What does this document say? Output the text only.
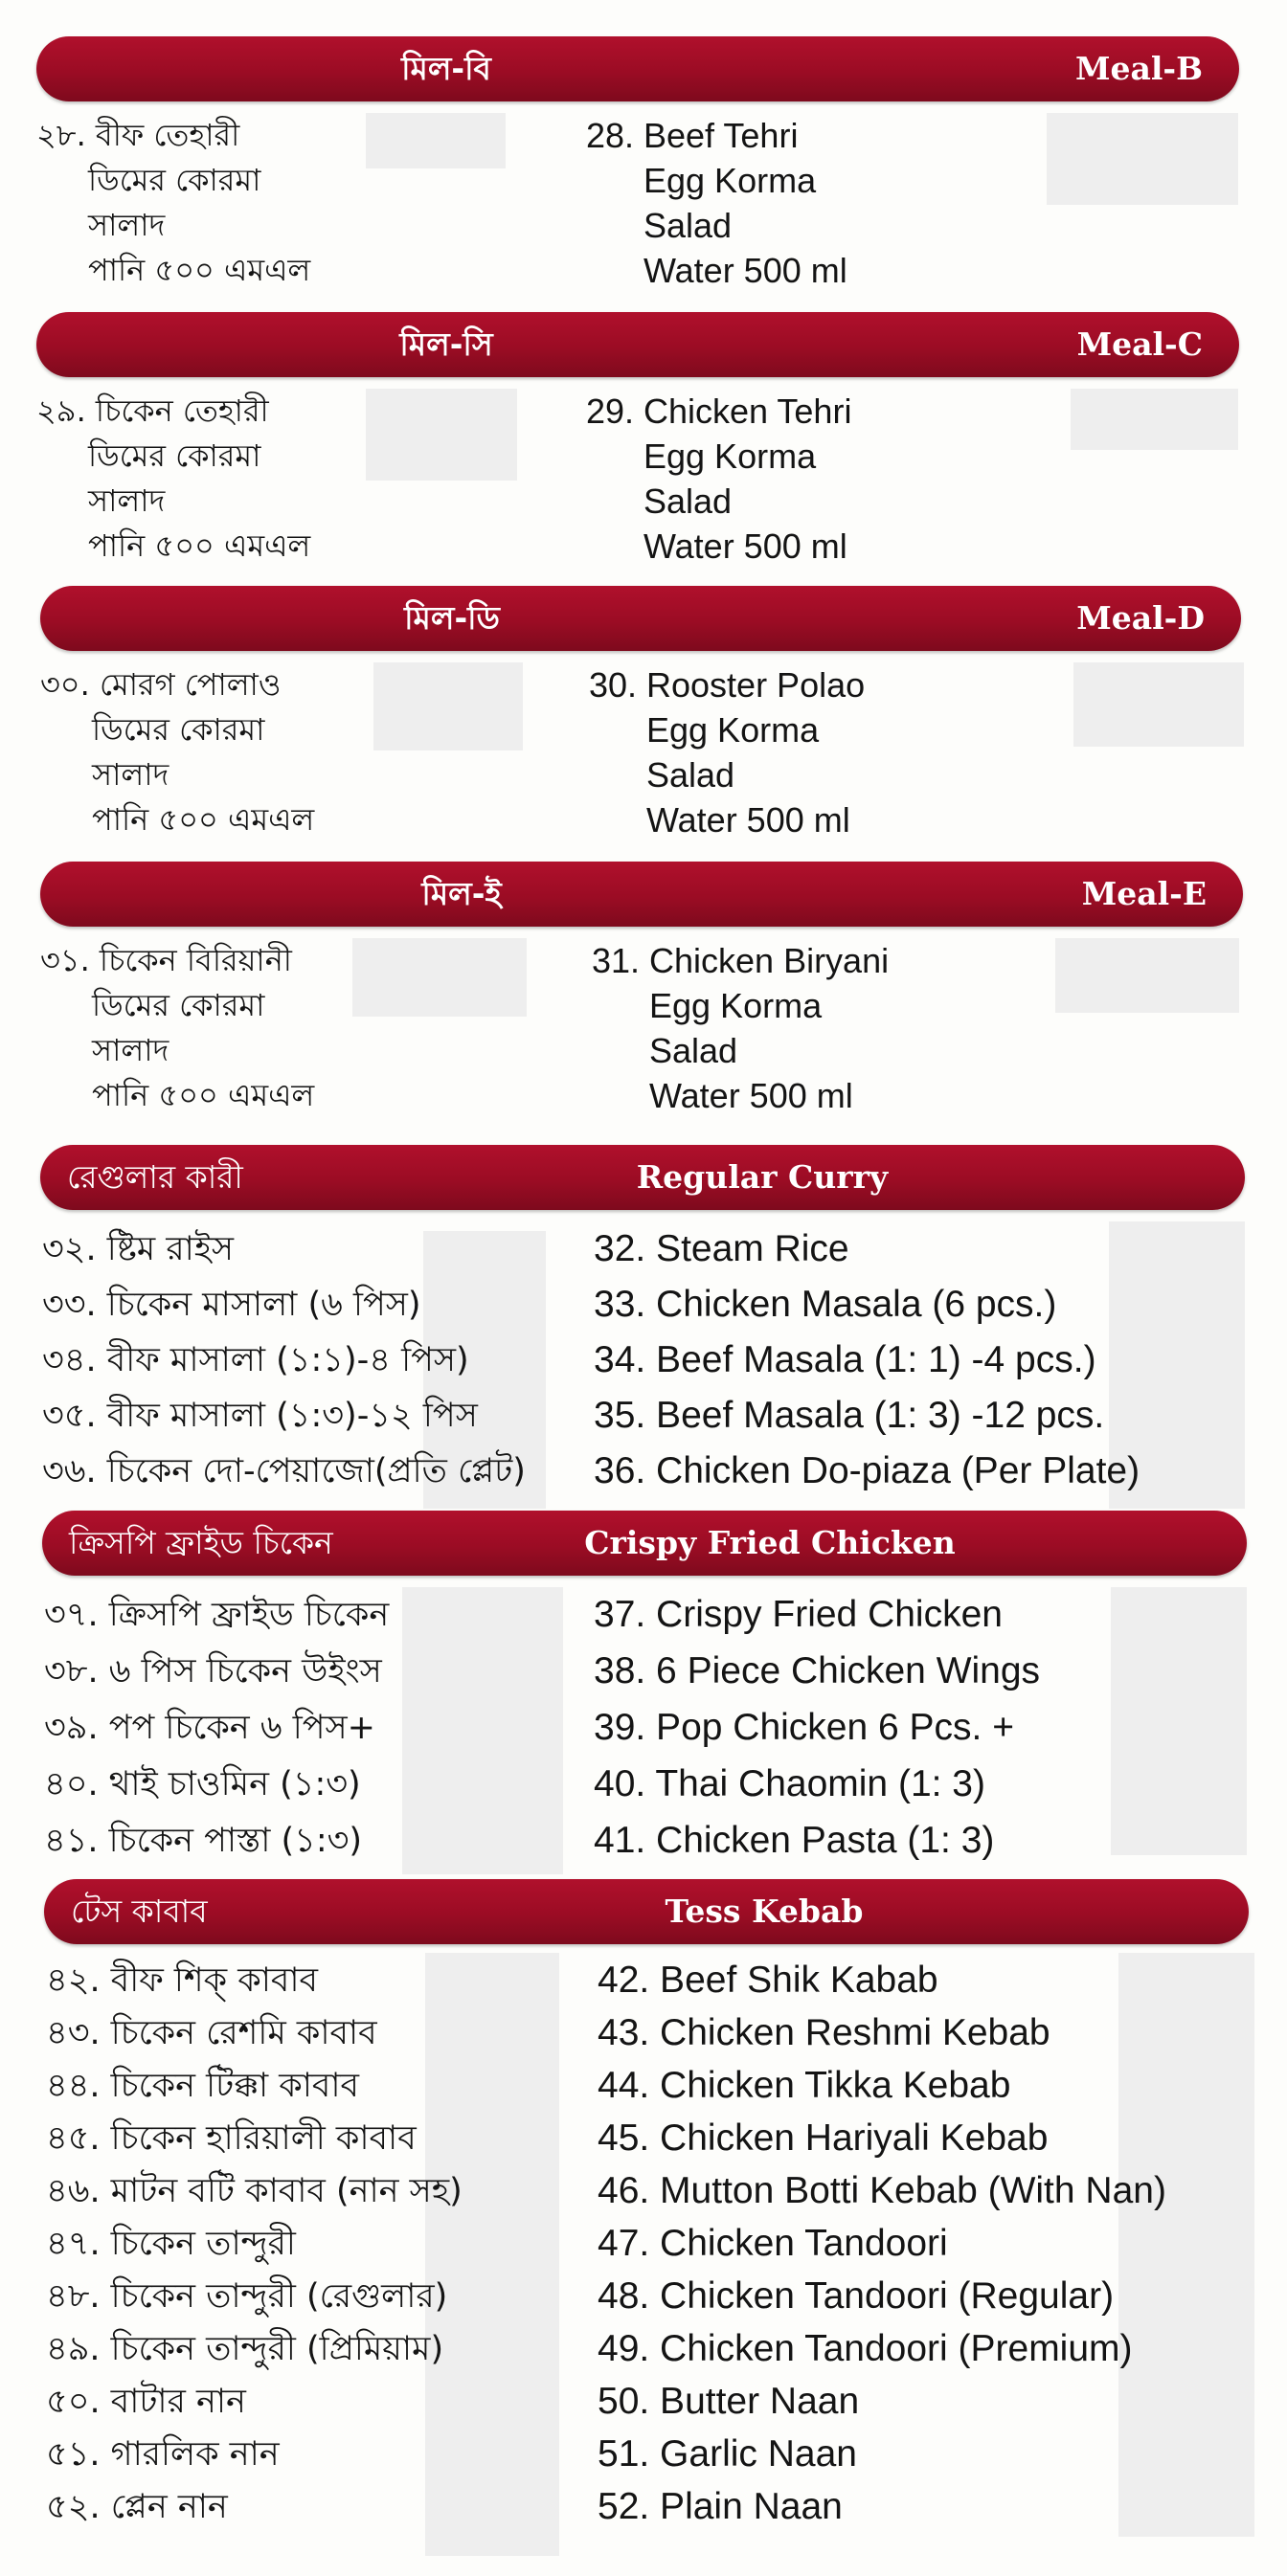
মিল-বি	Meal-B
২৮. বীফ তেহারী
ডিমের কোরমা
সালাদ
পানি ৫০০ এমএল
28. Beef Tehri
Egg Korma
Salad
Water 500 ml
মিল-সি	Meal-C
২৯. চিকেন তেহারী
ডিমের কোরমা
সালাদ
পানি ৫০০ এমএল
29. Chicken Tehri
Egg Korma
Salad
Water 500 ml
মিল-ডি	Meal-D
৩০. মোরগ পোলাও
ডিমের কোরমা
সালাদ
পানি ৫০০ এমএল
30. Rooster Polao
Egg Korma
Salad
Water 500 ml
মিল-ই	Meal-E
৩১. চিকেন বিরিয়ানী
ডিমের কোরমা
সালাদ
পানি ৫০০ এমএল
31. Chicken Biryani
Egg Korma
Salad
Water 500 ml
রেগুলার কারী	Regular Curry
৩২. ষ্টিম রাইস	32. Steam Rice
৩৩. চিকেন মাসালা (৬ পিস)	33. Chicken Masala (6 pcs.)
৩৪. বীফ মাসালা (১:১)-৪ পিস)	34. Beef Masala (1: 1) -4 pcs.)
৩৫. বীফ মাসালা (১:৩)-১২ পিস	35. Beef Masala (1: 3) -12 pcs.
৩৬. চিকেন দো-পেয়াজো(প্রতি প্লেট) 36. Chicken Do-piaza (Per Plate)
ক্রিসপি ফ্রাইড চিকেন	Crispy Fried Chicken
৩৭. ক্রিসপি ফ্রাইড চিকেন	37. Crispy Fried Chicken
৩৮. ৬ পিস চিকেন উইংস	38. 6 Piece Chicken Wings
৩৯. পপ চিকেন ৬ পিস+	39. Pop Chicken 6 Pcs. +
৪০. থাই চাওমিন (১:৩)	40. Thai Chaomin (1: 3)
৪১. চিকেন পাস্তা (১:৩)	41. Chicken Pasta (1: 3)
টেস কাবাব	Tess Kebab
৪২. বীফ শিক্ কাবাব	42. Beef Shik Kabab
৪৩. চিকেন রেশমি কাবাব	43. Chicken Reshmi Kebab
৪৪. চিকেন টিক্কা কাবাব	44. Chicken Tikka Kebab
৪৫. চিকেন হারিয়ালী কাবাব	45. Chicken Hariyali Kebab
৪৬. মাটন বটি কাবাব (নান সহ)	46. Mutton Botti Kebab (With Nan)
৪৭. চিকেন তান্দুরী	47. Chicken Tandoori
৪৮. চিকেন তান্দুরী (রেগুলার)	48. Chicken Tandoori (Regular)
৪৯. চিকেন তান্দুরী (প্রিমিয়াম)	49. Chicken Tandoori (Premium)
৫০. বাটার নান	50. Butter Naan
৫১. গারলিক নান	51. Garlic Naan
৫২. প্লেন নান	52. Plain Naan
